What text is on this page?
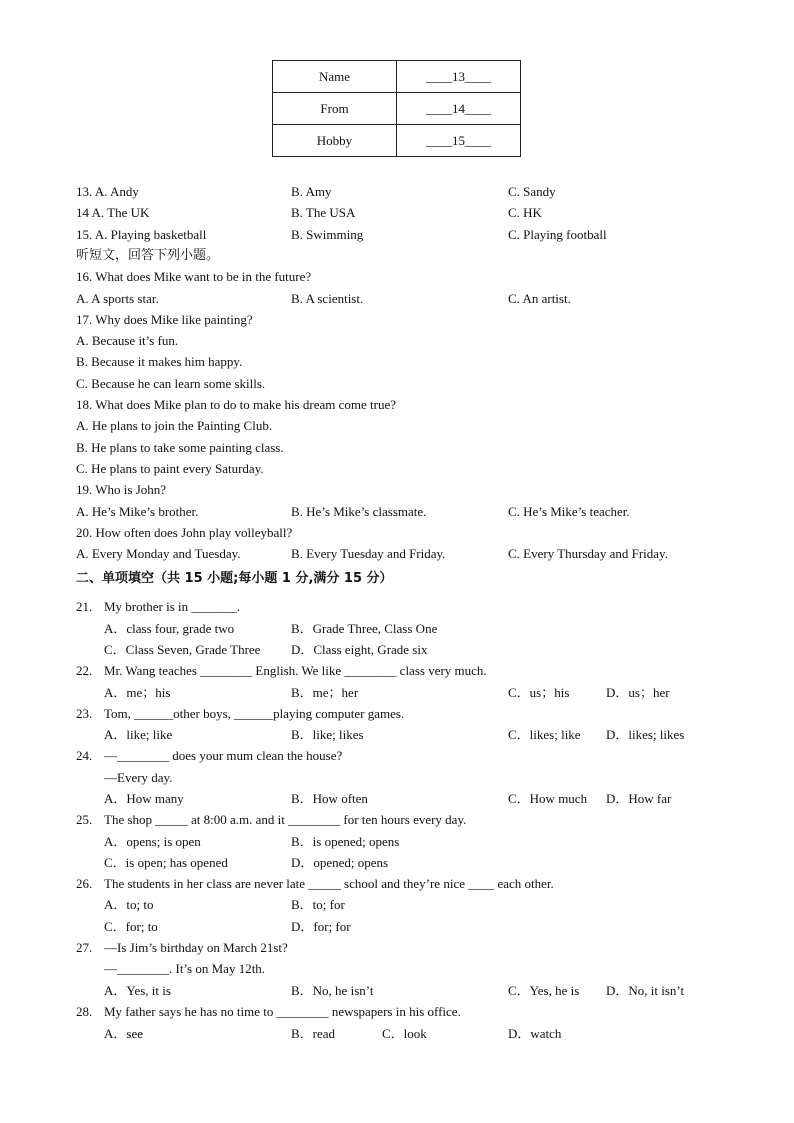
Name	____13____
From	____14____
Hobby	____15____
13. A. Andy	B. Amy	C. Sandy
14 A. The UK	B. The USA	C. HK
15. A. Playing basketball	B. Swimming	C. Playing football
听短文，回答下列小题。
16. What does Mike want to be in the future?
A. A sports star.	B. A scientist.	C. An artist.
17. Why does Mike like painting?
A. Because it’s fun.
B. Because it makes him happy.
C. Because he can learn some skills.
18. What does Mike plan to do to make his dream come true?
A. He plans to join the Painting Club.
B. He plans to take some painting class.
C. He plans to paint every Saturday.
19. Who is John?
A. He’s Mike’s brother.	B. He’s Mike’s classmate.	C. He’s Mike’s teacher.
20. How often does John play volleyball?
A. Every Monday and Tuesday.	B. Every Tuesday and Friday.	C. Every Thursday and Friday.
二、单项填空（共 15 小题;每小题 1 分,满分 15 分）
21. My brother is in _______.
A．class four, grade two	B．Grade Three, Class One
C．Class Seven, Grade Three D．Class eight, Grade six
22. Mr. Wang teaches ________ English. We like ________ class very much.
A．me；his	B．me；her	C．us；his	D．us；her
23. Tom, ______other boys, ______playing computer games.
A．like; like	B．like; likes	C．likes; like D．likes; likes
24. —________ does your mum clean the house?
—Every day.
A．How many	B．How often	C．How much D．How far
25. The shop _____ at 8:00 a.m. and it ________ for ten hours every day.
A．opens; is open	B．is opened; opens
C．is open; has opened	D．opened; opens
26. The students in her class are never late _____ school and they’re nice ____ each other.
A．to; to	B．to; for
C．for; to	D．for; for
27. —Is Jim’s birthday on March 21st?
—________. It’s on May 12th.
A．Yes, it is	B．No, he isn’t	C．Yes, he is D．No, it isn’t
28. My father says he has no time to ________ newspapers in his office.
A．see	B．read	C．look	D．watch
